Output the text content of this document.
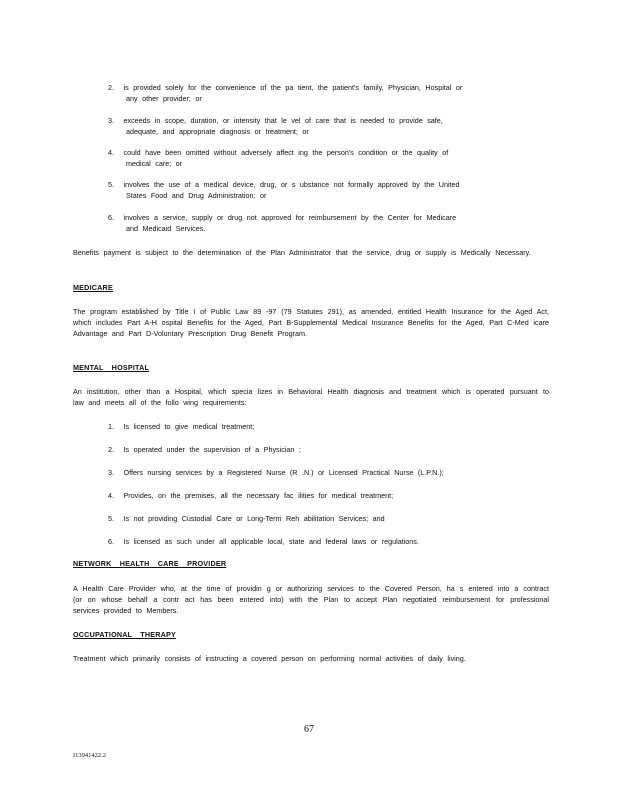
2. is provided solely for the convenience of the pa tient, the patient's family, Physician, Hospital or
any other provider; or

3. exceeds in scope, duration, or intensity that le vel of care that is needed to provide safe,
adequate, and appropriate diagnosis or treatment; or

4. could have been omitted without adversely affect ing the person's condition or the quality of
medical care; or

5. involves the use of a medical device, drug, or s ubstance not formally approved by the United
States Food and Drug Administration; or

6. involves a service, supply or drug not approved for reimbursement by the Center for Medicare
and Medicaid Services.

Benefits payment is subject to the determination of the Plan Administrator that the service, drug or supply is Medically Necessary.

MEDICARE

The program established by Title I of Public Law 89 -97 (79 Statutes 291), as amended, entitled Health Insurance for the Aged Act, which includes Part A-H ospital Benefits for the Aged, Part B-Supplemental Medical Insurance Benefits for the Aged, Part C-Med icare Advantage and Part D-Voluntary Prescription Drug Benefit Program.

MENTAL HOSPITAL

An institution, other than a Hospital, which specia lizes in Behavioral Health diagnosis and treatment which is operated pursuant to law and meets all of the follo wing requirements:

1. Is licensed to give medical treatment;

2. Is operated under the supervision of a Physician ;

3. Offers nursing services by a Registered Nurse (R .N.) or Licensed Practical Nurse (L.P.N.);

4. Provides, on the premises, all the necessary fac ilities for medical treatment;

5. Is not providing Custodial Care or Long-Term Reh abilitation Services; and

6. Is licensed as such under all applicable local, state and federal laws or regulations.

NETWORK HEALTH CARE PROVIDER

A Health Care Provider who, at the time of providin g or authorizing services to the Covered Person, ha s entered into a contract (or on whose behalf a contr act has been entered into) with the Plan to accept Plan negotiated reimbursement for professional services provided to Members.

OCCUPATIONAL THERAPY

Treatment which primarily consists of instructing a covered person on performing normal activities of daily living.

67
I13941422.2
